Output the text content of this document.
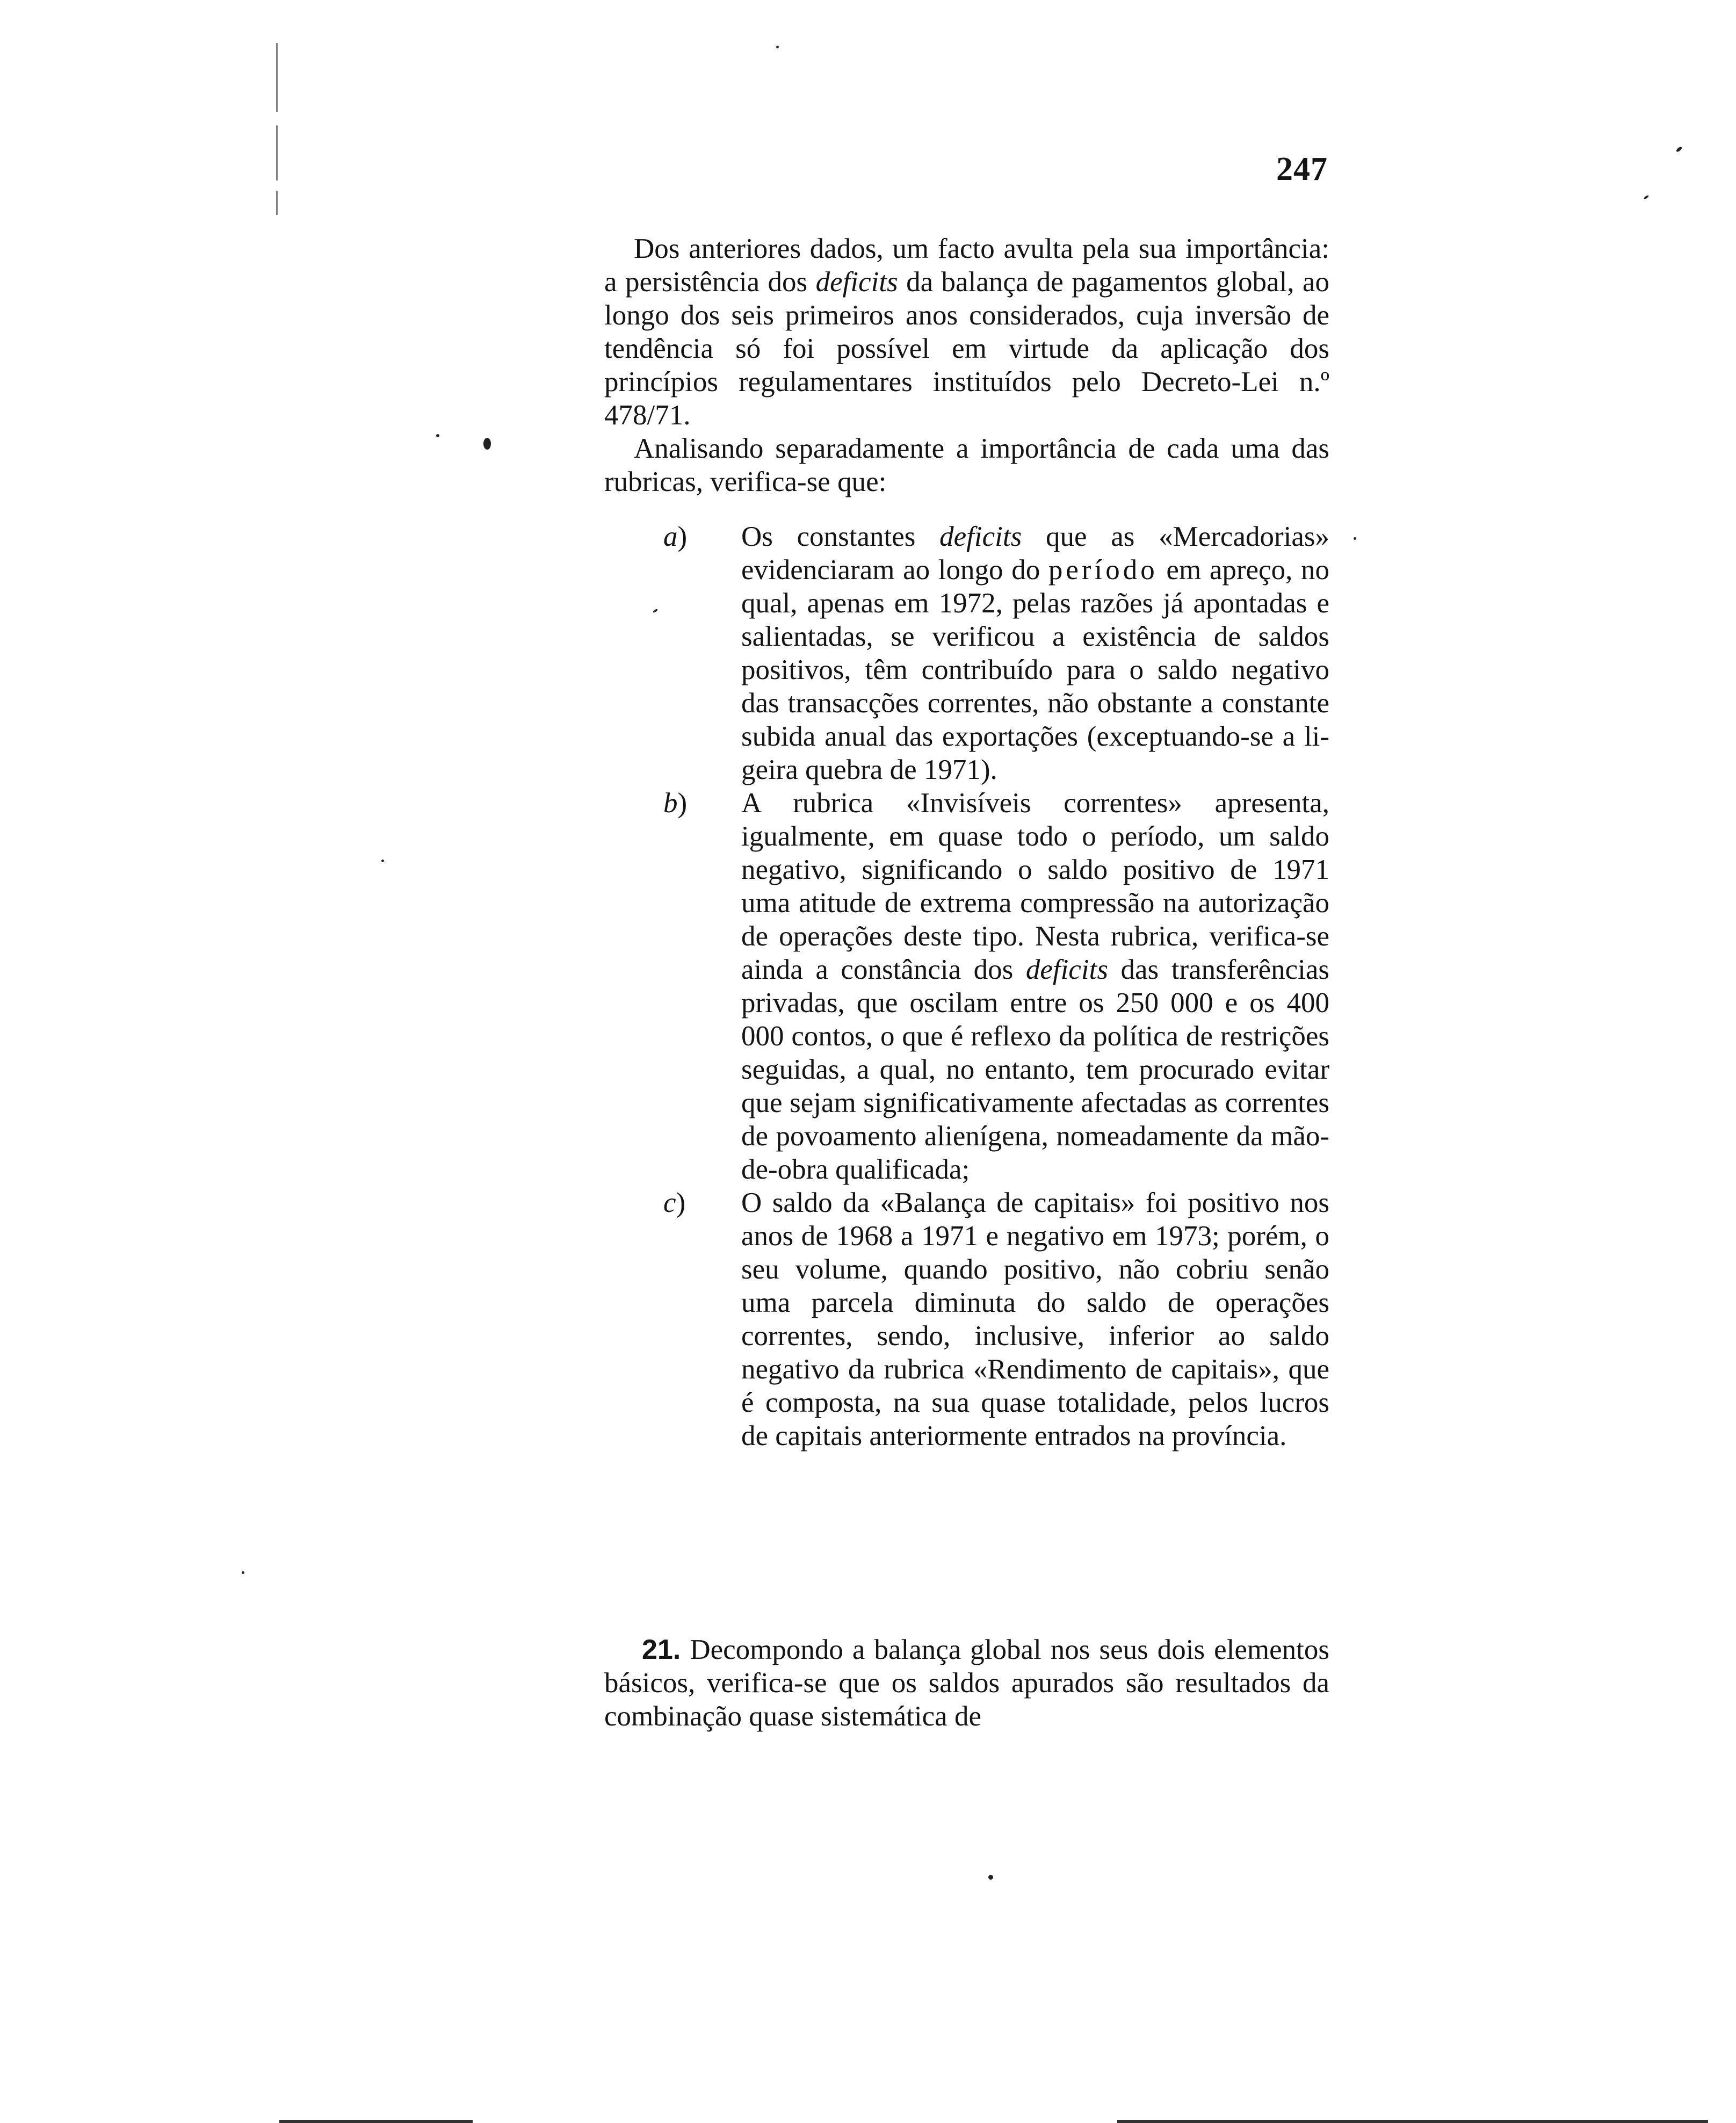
247

Dos anteriores dados, um facto avulta pela sua importância: a persistência dos deficits da balança de pagamentos global, ao longo dos seis primeiros anos considerados, cuja inversão de tendência só foi possível em virtude da aplicação dos princípios regulamentares instituídos pelo Decreto-Lei n.º 478/71.

Analisando separadamente a importância de cada uma das rubricas, verifica-se que:

a )	Os constantes deficits que as «Mercadorias» evidenciaram ao longo do período em apreço, no qual, apenas em 1972, pelas razões já apontadas e salientadas, se verificou a existência de saldos positivos, têm contribuído para o saldo negativo das transacções correntes, não obstante a constante subida anual das exportações (exceptuando-se a ligeira quebra de 1971).
b )	A rubrica «Invisíveis correntes» apresenta, igualmente, em quase todo o período, um saldo negativo, significando o saldo positivo de 1971 uma atitude de extrema compressão na autorização de operações deste tipo. Nesta rubrica, verifica-se ainda a constância dos deficits das transferências privadas, que oscilam entre os 250 000 e os 400 000 contos, o que é reflexo da política de restrições seguidas, a qual, no entanto, tem procurado evitar que sejam significativamente afectadas as correntes de povoamento alienígena, nomeadamente da mão-de-obra qualificada;
c )	O saldo da «Balança de capitais» foi positivo nos anos de 1968 a 1971 e negativo em 1973; porém, o seu volume, quando positivo, não cobriu senão uma parcela diminuta do saldo de operações correntes, sendo, inclusive, inferior ao saldo negativo da rubrica «Rendimento de capitais», que é composta, na sua quase totalidade, pelos lucros de capitais anteriormente entrados na província.

21. Decompondo a balança global nos seus dois elementos básicos, verifica-se que os saldos apurados são resultados da combinação quase sistemática de
